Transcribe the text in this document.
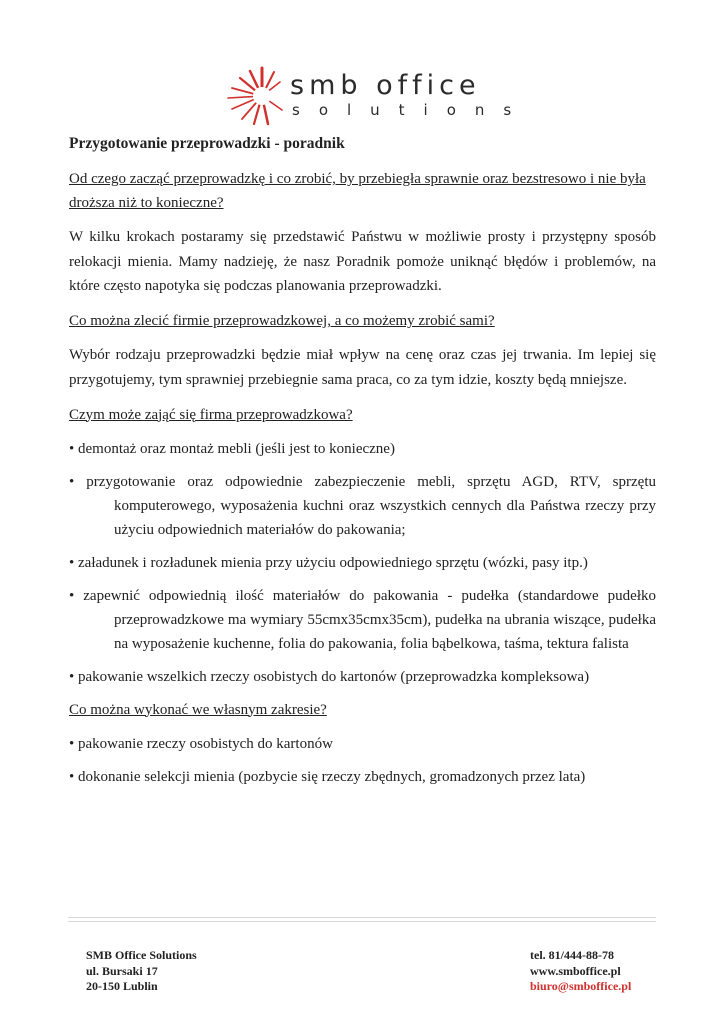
smb office
solutions
Przygotowanie przeprowadzki - poradnik
Od czego zacząć przeprowadzkę i co zrobić, by przebiegła sprawnie oraz bezstresowo i nie była droższa niż to konieczne?
W kilku krokach postaramy się przedstawić Państwu w możliwie prosty i przystępny sposób relokacji mienia. Mamy nadzieję, że nasz Poradnik pomoże uniknąć błędów i problemów, na które często napotyka się podczas planowania przeprowadzki.
Co można zlecić firmie przeprowadzkowej, a co możemy zrobić sami?
Wybór rodzaju przeprowadzki będzie miał wpływ na cenę oraz czas jej trwania. Im lepiej się przygotujemy, tym sprawniej przebiegnie sama praca, co za tym idzie, koszty będą mniejsze.
Czym może zająć się firma przeprowadzkowa?
• demontaż oraz montaż mebli (jeśli jest to konieczne)
• przygotowanie oraz odpowiednie zabezpieczenie mebli, sprzętu AGD, RTV, sprzętu komputerowego, wyposażenia kuchni oraz wszystkich cennych dla Państwa rzeczy przy użyciu odpowiednich materiałów do pakowania;
• załadunek i rozładunek mienia przy użyciu odpowiedniego sprzętu (wózki, pasy itp.)
• zapewnić odpowiednią ilość materiałów do pakowania - pudełka (standardowe pudełko przeprowadzkowe ma wymiary 55cmx35cmx35cm), pudełka na ubrania wiszące, pudełka na wyposażenie kuchenne, folia do pakowania, folia bąbelkowa, taśma, tektura falista
• pakowanie wszelkich rzeczy osobistych do kartonów (przeprowadzka kompleksowa)
Co można wykonać we własnym zakresie?
• pakowanie rzeczy osobistych do kartonów
• dokonanie selekcji mienia (pozbycie się rzeczy zbędnych, gromadzonych przez lata)
SMB Office Solutions
ul. Bursaki 17
20-150 Lublin
tel. 81/444-88-78
www.smboffice.pl
biuro@smboffice.pl
